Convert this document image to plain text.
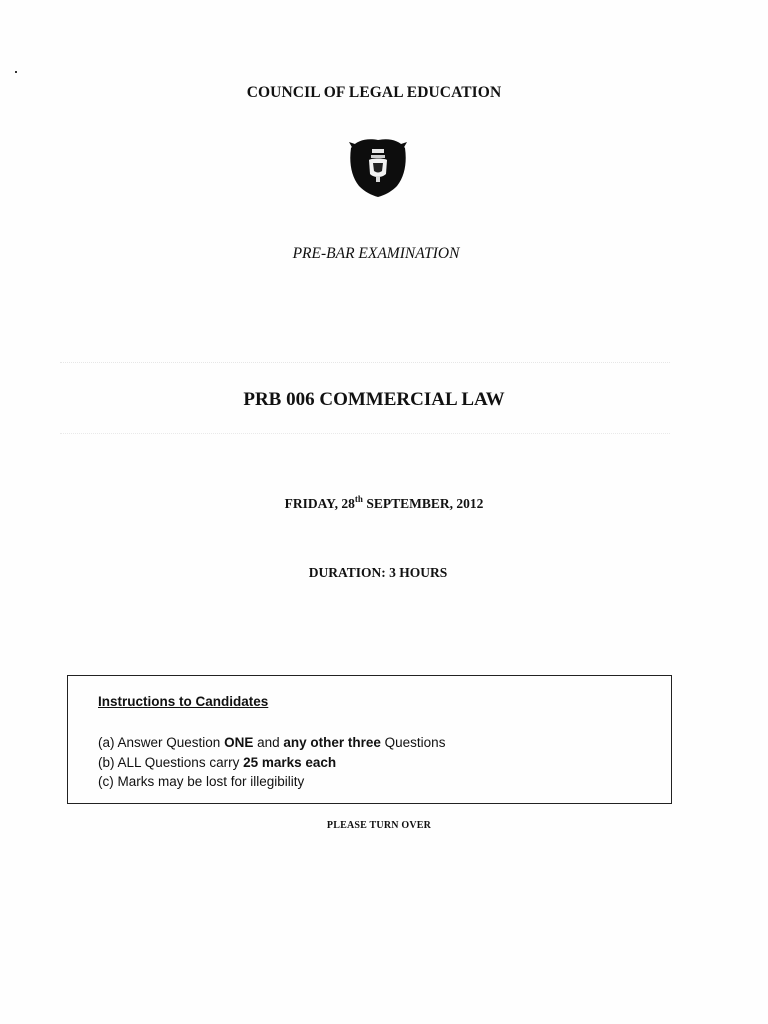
COUNCIL OF LEGAL EDUCATION
PRE-BAR EXAMINATION
PRB 006 COMMERCIAL LAW
FRIDAY, 28th SEPTEMBER, 2012
DURATION: 3 HOURS
Instructions to Candidates
(a) Answer Question ONE and any other three Questions
(b) ALL Questions carry 25 marks each
(c) Marks may be lost for illegibility
PLEASE TURN OVER
